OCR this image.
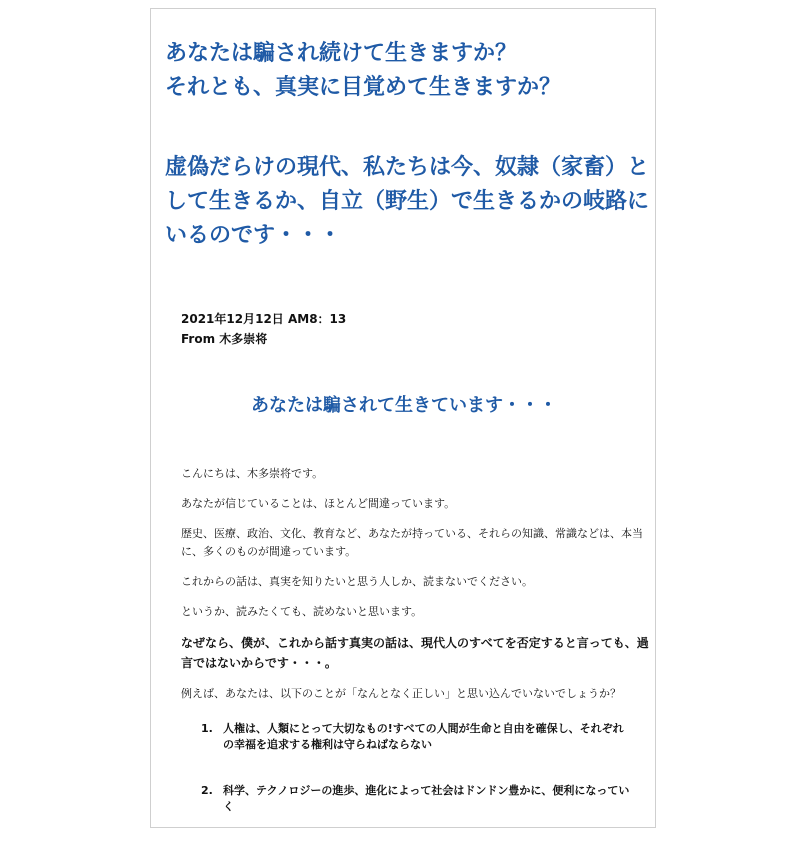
あなたは騙され続けて生きますか？
それとも、真実に目覚めて生きますか？
虚偽だらけの現代、私たちは今、奴隷（家畜）として生きるか、自立（野生）で生きるかの岐路にいるのです・・・
2021年12月12日 AM8：13
From 木多崇将
あなたは騙されて生きています・・・

こんにちは、木多崇将です。

あなたが信じていることは、ほとんど間違っています。

歴史、医療、政治、文化、教育など、あなたが持っている、それらの知識、常識などは、本当に、多くのものが間違っています。

これからの話は、真実を知りたいと思う人しか、読まないでください。

というか、読みたくても、読めないと思います。

なぜなら、僕が、これから話す真実の話は、現代人のすべてを否定すると言っても、過言ではないからです・・・。

例えば、あなたは、以下のことが「なんとなく正しい」と思い込んでいないでしょうか？

1. 人権は、人類にとって大切なもの!すべての人間が生命と自由を確保し、それぞれの幸福を追求する権利は守らねばならない
2. 科学、テクノロジーの進歩、進化によって社会はドンドン豊かに、便利になっていく
